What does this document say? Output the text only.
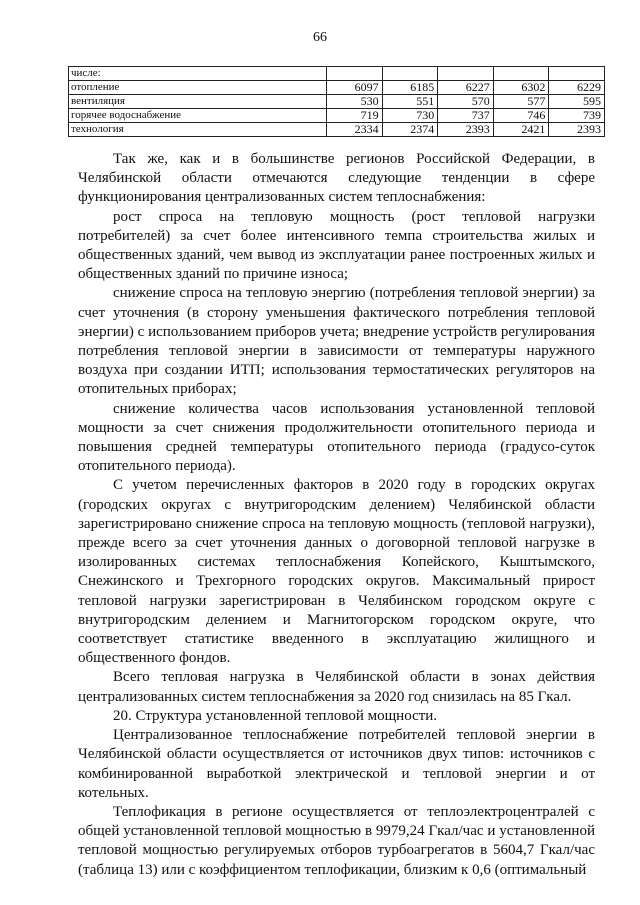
66
числе:					
отопление	6097	6185	6227	6302	6229
вентиляция	530	551	570	577	595
горячее водоснабжение	719	730	737	746	739
технология	2334	2374	2393	2421	2393

Так же, как и в большинстве регионов Российской Федерации, в Челябинской области отмечаются следующие тенденции в сфере функционирования централизованных систем теплоснабжения:

рост спроса на тепловую мощность (рост тепловой нагрузки потребителей) за счет более интенсивного темпа строительства жилых и общественных зданий, чем вывод из эксплуатации ранее построенных жилых и общественных зданий по причине износа;

снижение спроса на тепловую энергию (потребления тепловой энергии) за счет уточнения (в сторону уменьшения фактического потребления тепловой энергии) с использованием приборов учета; внедрение устройств регулирования потребления тепловой энергии в зависимости от температуры наружного воздуха при создании ИТП; использования термостатических регуляторов на отопительных приборах;

снижение количества часов использования установленной тепловой мощности за счет снижения продолжительности отопительного периода и повышения средней температуры отопительного периода (градусо-суток отопительного периода).

С учетом перечисленных факторов в 2020 году в городских округах (городских округах с внутригородским делением) Челябинской области зарегистрировано снижение спроса на тепловую мощность (тепловой нагрузки), прежде всего за счет уточнения данных о договорной тепловой нагрузке в изолированных системах теплоснабжения Копейского, Кыштымского, Снежинского и Трехгорного городских округов. Максимальный прирост тепловой нагрузки зарегистрирован в Челябинском городском округе с внутригородским делением и Магнитогорском городском округе, что соответствует статистике введенного в эксплуатацию жилищного и общественного фондов.

Всего тепловая нагрузка в Челябинской области в зонах действия централизованных систем теплоснабжения за 2020 год снизилась на 85 Гкал.

20. Структура установленной тепловой мощности.

Централизованное теплоснабжение потребителей тепловой энергии в Челябинской области осуществляется от источников двух типов: источников с комбинированной выработкой электрической и тепловой энергии и от котельных.

Теплофикация в регионе осуществляется от теплоэлектроцентралей с общей установленной тепловой мощностью в 9979,24 Гкал/час и установленной тепловой мощностью регулируемых отборов турбоагрегатов в 5604,7 Гкал/час (таблица 13) или с коэффициентом теплофикации, близким к 0,6 (оптимальный
